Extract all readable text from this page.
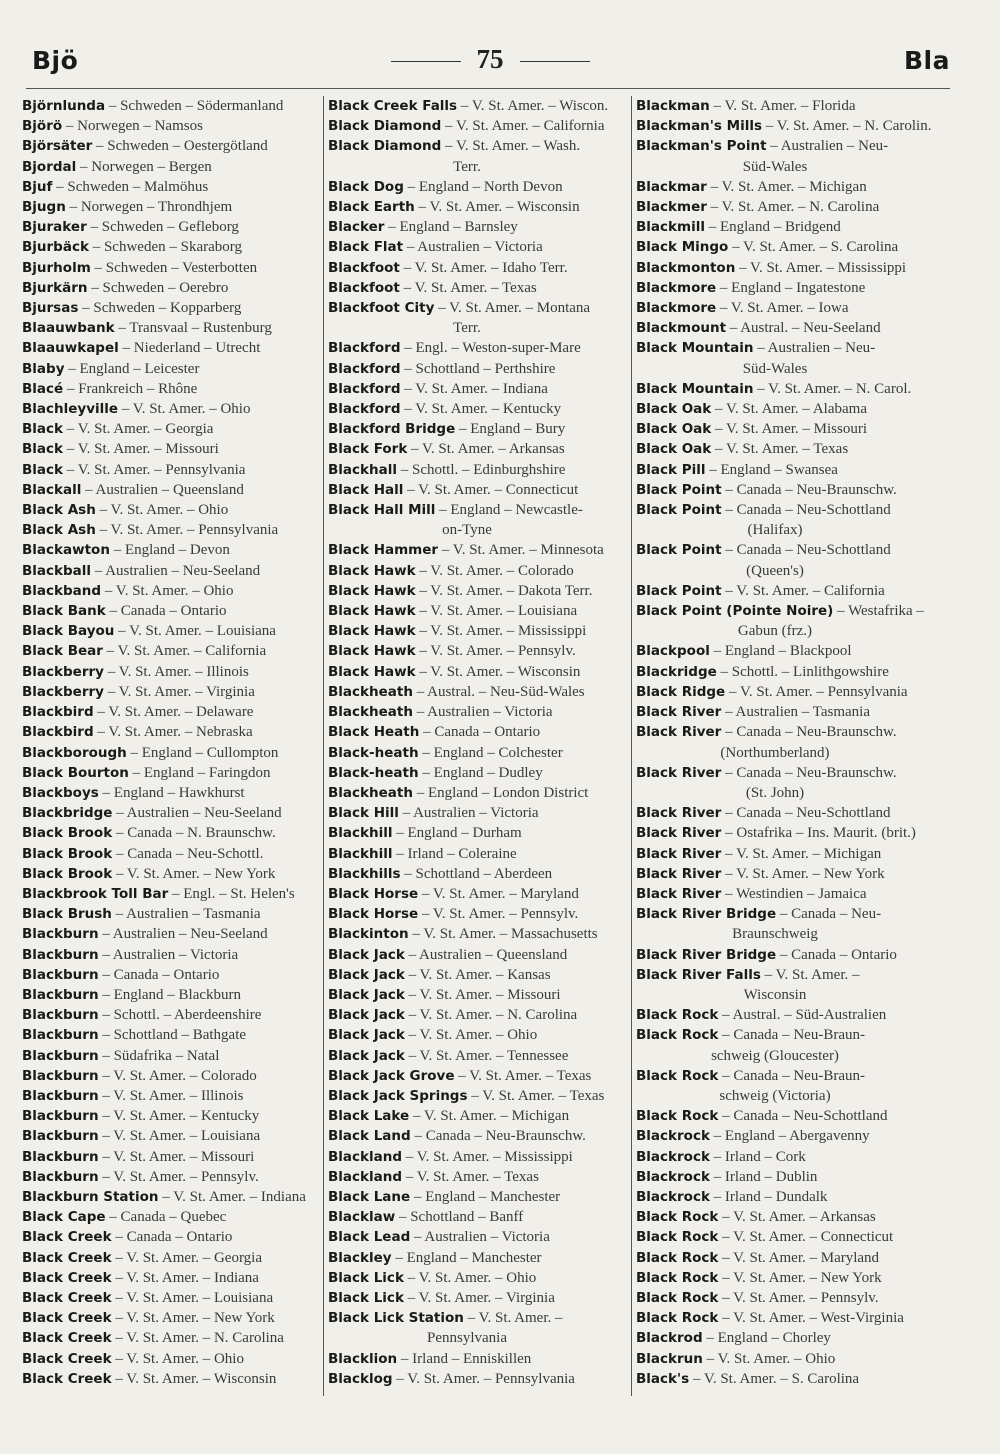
Bjö	75	Bla
Björnlunda – Schweden – Södermanland
Björö – Norwegen – Namsos
Björsäter – Schweden – Oestergötland
Bjordal – Norwegen – Bergen
Bjuf – Schweden – Malmöhus
Bjugn – Norwegen – Throndhjem
Bjuraker – Schweden – Gefleborg
Bjurbäck – Schweden – Skaraborg
Bjurholm – Schweden – Vesterbotten
Bjurkärn – Schweden – Oerebro
Bjursas – Schweden – Kopparberg
Blaauwbank – Transvaal – Rustenburg
Blaauwkapel – Niederland – Utrecht
Blaby – England – Leicester
Blacé – Frankreich – Rhône
Blachleyville – V. St. Amer. – Ohio
Black – V. St. Amer. – Georgia
Black – V. St. Amer. – Missouri
Black – V. St. Amer. – Pennsylvania
Blackall – Australien – Queensland
Black Ash – V. St. Amer. – Ohio
Black Ash – V. St. Amer. – Pennsylvania
Blackawton – England – Devon
Blackball – Australien – Neu-Seeland
Blackband – V. St. Amer. – Ohio
Black Bank – Canada – Ontario
Black Bayou – V. St. Amer. – Louisiana
Black Bear – V. St. Amer. – California
Blackberry – V. St. Amer. – Illinois
Blackberry – V. St. Amer. – Virginia
Blackbird – V. St. Amer. – Delaware
Blackbird – V. St. Amer. – Nebraska
Blackborough – England – Cullompton
Black Bourton – England – Faringdon
Blackboys – England – Hawkhurst
Blackbridge – Australien – Neu-Seeland
Black Brook – Canada – N. Braunschw.
Black Brook – Canada – Neu-Schottl.
Black Brook – V. St. Amer. – New York
Blackbrook Toll Bar – Engl. – St. Helen's
Black Brush – Australien – Tasmania
Blackburn – Australien – Neu-Seeland
Blackburn – Australien – Victoria
Blackburn – Canada – Ontario
Blackburn – England – Blackburn
Blackburn – Schottl. – Aberdeenshire
Blackburn – Schottland – Bathgate
Blackburn – Südafrika – Natal
Blackburn – V. St. Amer. – Colorado
Blackburn – V. St. Amer. – Illinois
Blackburn – V. St. Amer. – Kentucky
Blackburn – V. St. Amer. – Louisiana
Blackburn – V. St. Amer. – Missouri
Blackburn – V. St. Amer. – Pennsylv.
Blackburn Station – V. St. Amer. – Indiana
Black Cape – Canada – Quebec
Black Creek – Canada – Ontario
Black Creek – V. St. Amer. – Georgia
Black Creek – V. St. Amer. – Indiana
Black Creek – V. St. Amer. – Louisiana
Black Creek – V. St. Amer. – New York
Black Creek – V. St. Amer. – N. Carolina
Black Creek – V. St. Amer. – Ohio
Black Creek – V. St. Amer. – Wisconsin
Black Creek Falls – V. St. Amer. – Wiscon.
Black Diamond – V. St. Amer. – California
Black Diamond – V. St. Amer. – Wash.
Terr.
Black Dog – England – North Devon
Black Earth – V. St. Amer. – Wisconsin
Blacker – England – Barnsley
Black Flat – Australien – Victoria
Blackfoot – V. St. Amer. – Idaho Terr.
Blackfoot – V. St. Amer. – Texas
Blackfoot City – V. St. Amer. – Montana
Terr.
Blackford – Engl. – Weston-super-Mare
Blackford – Schottland – Perthshire
Blackford – V. St. Amer. – Indiana
Blackford – V. St. Amer. – Kentucky
Blackford Bridge – England – Bury
Black Fork – V. St. Amer. – Arkansas
Blackhall – Schottl. – Edinburghshire
Black Hall – V. St. Amer. – Connecticut
Black Hall Mill – England – Newcastle-
on-Tyne
Black Hammer – V. St. Amer. – Minnesota
Black Hawk – V. St. Amer. – Colorado
Black Hawk – V. St. Amer. – Dakota Terr.
Black Hawk – V. St. Amer. – Louisiana
Black Hawk – V. St. Amer. – Mississippi
Black Hawk – V. St. Amer. – Pennsylv.
Black Hawk – V. St. Amer. – Wisconsin
Blackheath – Austral. – Neu-Süd-Wales
Blackheath – Australien – Victoria
Black Heath – Canada – Ontario
Black-heath – England – Colchester
Black-heath – England – Dudley
Blackheath – England – London District
Black Hill – Australien – Victoria
Blackhill – England – Durham
Blackhill – Irland – Coleraine
Blackhills – Schottland – Aberdeen
Black Horse – V. St. Amer. – Maryland
Black Horse – V. St. Amer. – Pennsylv.
Blackinton – V. St. Amer. – Massachusetts
Black Jack – Australien – Queensland
Black Jack – V. St. Amer. – Kansas
Black Jack – V. St. Amer. – Missouri
Black Jack – V. St. Amer. – N. Carolina
Black Jack – V. St. Amer. – Ohio
Black Jack – V. St. Amer. – Tennessee
Black Jack Grove – V. St. Amer. – Texas
Black Jack Springs – V. St. Amer. – Texas
Black Lake – V. St. Amer. – Michigan
Black Land – Canada – Neu-Braunschw.
Blackland – V. St. Amer. – Mississippi
Blackland – V. St. Amer. – Texas
Black Lane – England – Manchester
Blacklaw – Schottland – Banff
Black Lead – Australien – Victoria
Blackley – England – Manchester
Black Lick – V. St. Amer. – Ohio
Black Lick – V. St. Amer. – Virginia
Black Lick Station – V. St. Amer. –
Pennsylvania
Blacklion – Irland – Enniskillen
Blacklog – V. St. Amer. – Pennsylvania
Blackman – V. St. Amer. – Florida
Blackman's Mills – V. St. Amer. – N. Carolin.
Blackman's Point – Australien – Neu-
Süd-Wales
Blackmar – V. St. Amer. – Michigan
Blackmer – V. St. Amer. – N. Carolina
Blackmill – England – Bridgend
Black Mingo – V. St. Amer. – S. Carolina
Blackmonton – V. St. Amer. – Mississippi
Blackmore – England – Ingatestone
Blackmore – V. St. Amer. – Iowa
Blackmount – Austral. – Neu-Seeland
Black Mountain – Australien – Neu-
Süd-Wales
Black Mountain – V. St. Amer. – N. Carol.
Black Oak – V. St. Amer. – Alabama
Black Oak – V. St. Amer. – Missouri
Black Oak – V. St. Amer. – Texas
Black Pill – England – Swansea
Black Point – Canada – Neu-Braunschw.
Black Point – Canada – Neu-Schottland
(Halifax)
Black Point – Canada – Neu-Schottland
(Queen's)
Black Point – V. St. Amer. – California
Black Point (Pointe Noire) – Westafrika –
Gabun (frz.)
Blackpool – England – Blackpool
Blackridge – Schottl. – Linlithgowshire
Black Ridge – V. St. Amer. – Pennsylvania
Black River – Australien – Tasmania
Black River – Canada – Neu-Braunschw.
(Northumberland)
Black River – Canada – Neu-Braunschw.
(St. John)
Black River – Canada – Neu-Schottland
Black River – Ostafrika – Ins. Maurit. (brit.)
Black River – V. St. Amer. – Michigan
Black River – V. St. Amer. – New York
Black River – Westindien – Jamaica
Black River Bridge – Canada – Neu-
Braunschweig
Black River Bridge – Canada – Ontario
Black River Falls – V. St. Amer. –
Wisconsin
Black Rock – Austral. – Süd-Australien
Black Rock – Canada – Neu-Braun-
schweig (Gloucester)
Black Rock – Canada – Neu-Braun-
schweig (Victoria)
Black Rock – Canada – Neu-Schottland
Blackrock – England – Abergavenny
Blackrock – Irland – Cork
Blackrock – Irland – Dublin
Blackrock – Irland – Dundalk
Black Rock – V. St. Amer. – Arkansas
Black Rock – V. St. Amer. – Connecticut
Black Rock – V. St. Amer. – Maryland
Black Rock – V. St. Amer. – New York
Black Rock – V. St. Amer. – Pennsylv.
Black Rock – V. St. Amer. – West-Virginia
Blackrod – England – Chorley
Blackrun – V. St. Amer. – Ohio
Black's – V. St. Amer. – S. Carolina
